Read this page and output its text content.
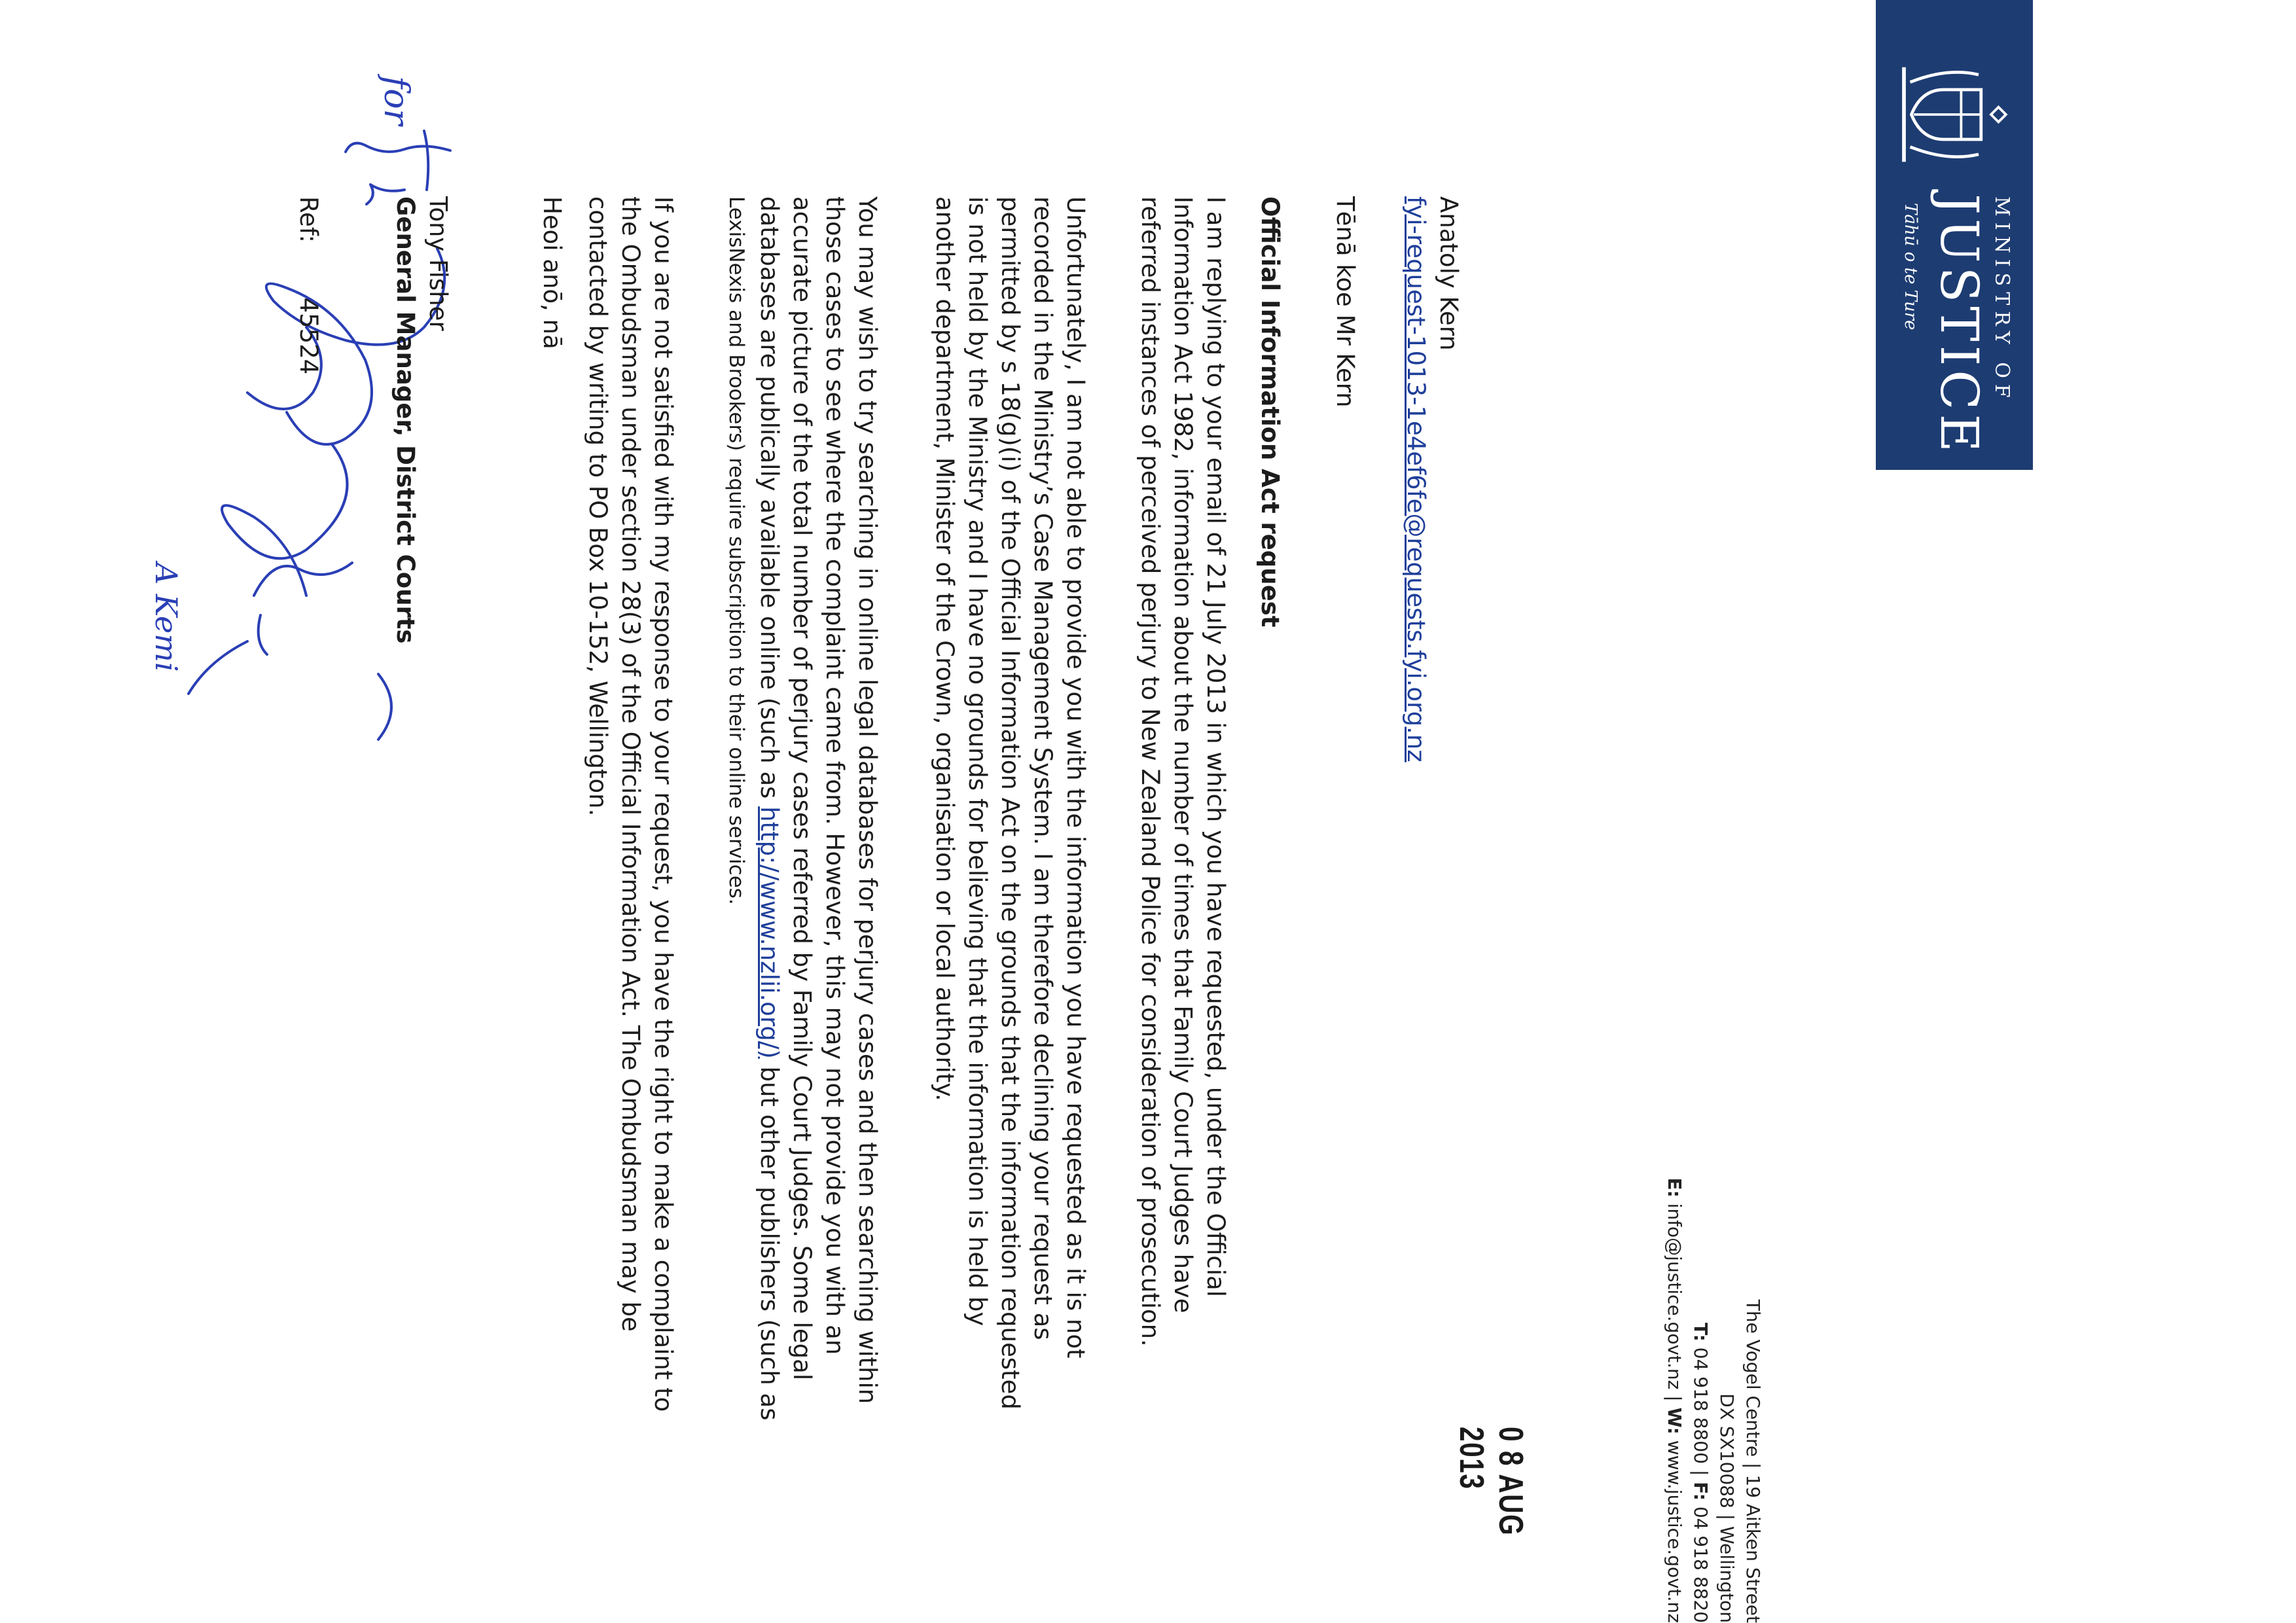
MINISTRY OF
JUSTICE
Tāhū o te Ture
The Vogel Centre | 19 Aitken Street
DX SX10088 | Wellington
T: 04 918 8800 | F: 04 918 8820
E: info@justice.govt.nz | W: www.justice.govt.nz
0 8 AUG 2013
Anatoly Kern
fyi-request-1013-1e4ef6fe@requests.fyi.org.nz
Tēnā koe Mr Kern
Official Information Act request
I am replying to your email of 21 July 2013 in which you have requested, under the Official
Information Act 1982, information about the number of times that Family Court Judges have
referred instances of perceived perjury to New Zealand Police for consideration of prosecution.
Unfortunately, I am not able to provide you with the information you have requested as it is not
recorded in the Ministry’s Case Management System. I am therefore declining your request as
permitted by s 18(g)(i) of the Official Information Act on the grounds that the information requested
is not held by the Ministry and I have no grounds for believing that the information is held by
another department, Minister of the Crown, organisation or local authority.
You may wish to try searching in online legal databases for perjury cases and then searching within
those cases to see where the complaint came from. However, this may not provide you with an
accurate picture of the total number of perjury cases referred by Family Court Judges. Some legal
databases are publically available online (such as http://www.nzlii.org/) but other publishers (such as
LexisNexis and Brookers) require subscription to their online services.
If you are not satisfied with my response to your request, you have the right to make a complaint to
the Ombudsman under section 28(3) of the Official Information Act. The Ombudsman may be
contacted by writing to PO Box 10-152, Wellington.
Heoi anō, nā
for
A Kemi
Tony Fisher
General Manager, District Courts
Ref:  45524
